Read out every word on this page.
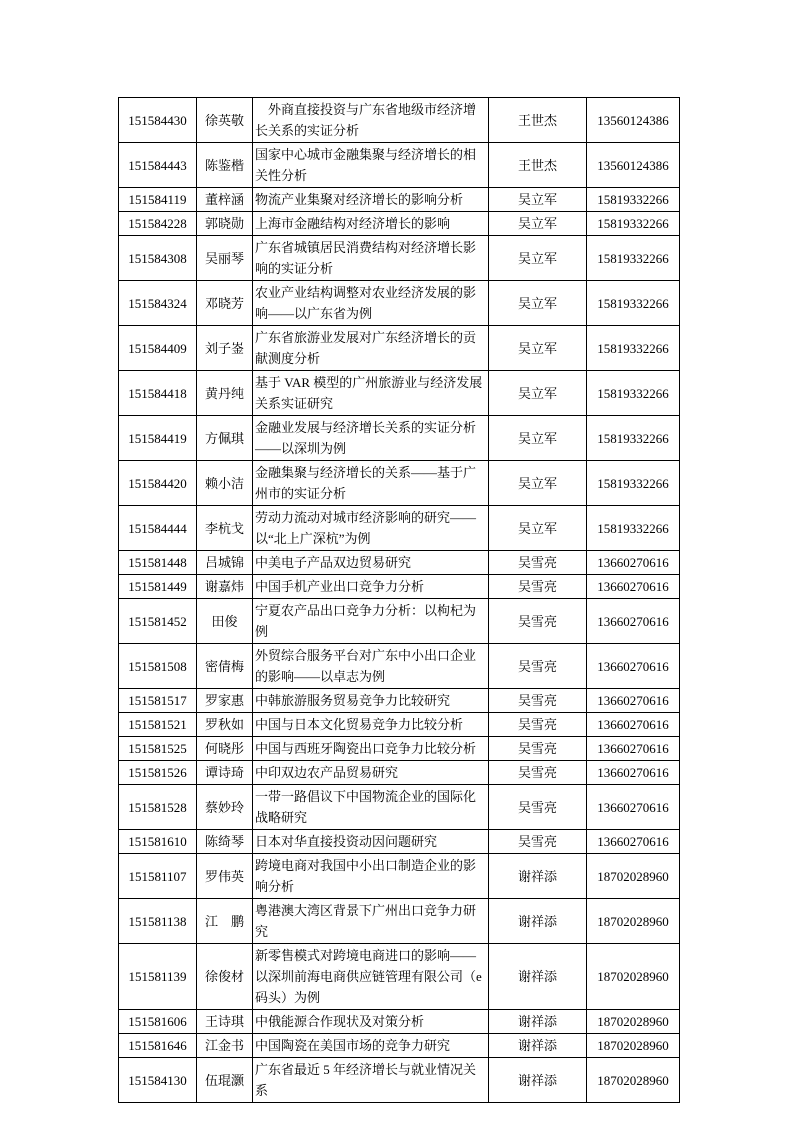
151584430	徐英敬	外商直接投资与广东省地级市经济增长关系的实证分析	王世杰	13560124386
151584443	陈鉴楷	国家中心城市金融集聚与经济增长的相关性分析	王世杰	13560124386
151584119	董梓涵	物流产业集聚对经济增长的影响分析	吴立军	15819332266
151584228	郭晓勋	上海市金融结构对经济增长的影响	吴立军	15819332266
151584308	吴丽琴	广东省城镇居民消费结构对经济增长影响的实证分析	吴立军	15819332266
151584324	邓晓芳	农业产业结构调整对农业经济发展的影响——以广东省为例	吴立军	15819332266
151584409	刘子崟	广东省旅游业发展对广东经济增长的贡献测度分析	吴立军	15819332266
151584418	黄丹纯	基于 VAR 模型的广州旅游业与经济发展关系实证研究	吴立军	15819332266
151584419	方佩琪	金融业发展与经济增长关系的实证分析——以深圳为例	吴立军	15819332266
151584420	赖小洁	金融集聚与经济增长的关系——基于广州市的实证分析	吴立军	15819332266
151584444	李杭戈	劳动力流动对城市经济影响的研究——以“北上广深杭”为例	吴立军	15819332266
151581448	吕城锦	中美电子产品双边贸易研究	吴雪亮	13660270616
151581449	谢嘉炜	中国手机产业出口竞争力分析	吴雪亮	13660270616
151581452	田俊	宁夏农产品出口竞争力分析：以枸杞为例	吴雪亮	13660270616
151581508	密倩梅	外贸综合服务平台对广东中小出口企业的影响——以卓志为例	吴雪亮	13660270616
151581517	罗家惠	中韩旅游服务贸易竞争力比较研究	吴雪亮	13660270616
151581521	罗秋如	中国与日本文化贸易竞争力比较分析	吴雪亮	13660270616
151581525	何晓彤	中国与西班牙陶瓷出口竞争力比较分析	吴雪亮	13660270616
151581526	谭诗琦	中印双边农产品贸易研究	吴雪亮	13660270616
151581528	蔡妙玲	一带一路倡议下中国物流企业的国际化战略研究	吴雪亮	13660270616
151581610	陈绮琴	日本对华直接投资动因问题研究	吴雪亮	13660270616
151581107	罗伟英	跨境电商对我国中小出口制造企业的影响分析	谢祥添	18702028960
151581138	江　鹏	粤港澳大湾区背景下广州出口竞争力研究	谢祥添	18702028960
151581139	徐俊材	新零售模式对跨境电商进口的影响——以深圳前海电商供应链管理有限公司（e 码头）为例	谢祥添	18702028960
151581606	王诗琪	中俄能源合作现状及对策分析	谢祥添	18702028960
151581646	江金书	中国陶瓷在美国市场的竞争力研究	谢祥添	18702028960
151584130	伍琨灏	广东省最近 5 年经济增长与就业情况关系	谢祥添	18702028960
